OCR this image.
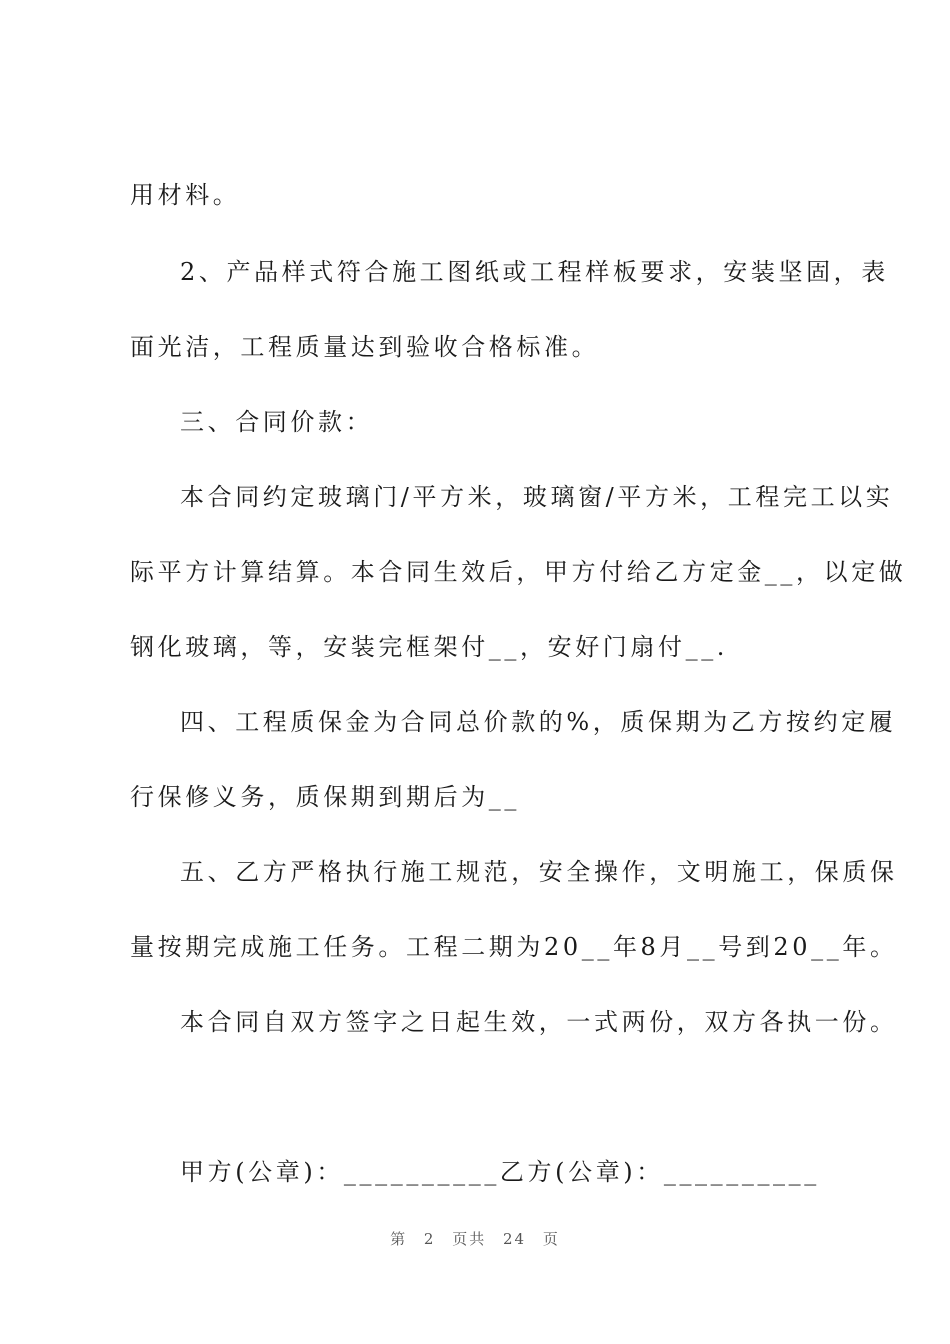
用材料。
2、产品样式符合施工图纸或工程样板要求，安装坚固，表
面光洁，工程质量达到验收合格标准。
三、合同价款：
本合同约定玻璃门/平方米，玻璃窗/平方米，工程完工以实
际平方计算结算。本合同生效后，甲方付给乙方定金__，以定做
钢化玻璃，等，安装完框架付__，安好门扇付__.
四、工程质保金为合同总价款的%，质保期为乙方按约定履
行保修义务，质保期到期后为__
五、乙方严格执行施工规范，安全操作，文明施工，保质保
量按期完成施工任务。工程二期为20__年8月__号到20__年。
本合同自双方签字之日起生效，一式两份，双方各执一份。
甲方(公章)：__________乙方(公章)：__________
第 2 页共 24 页
